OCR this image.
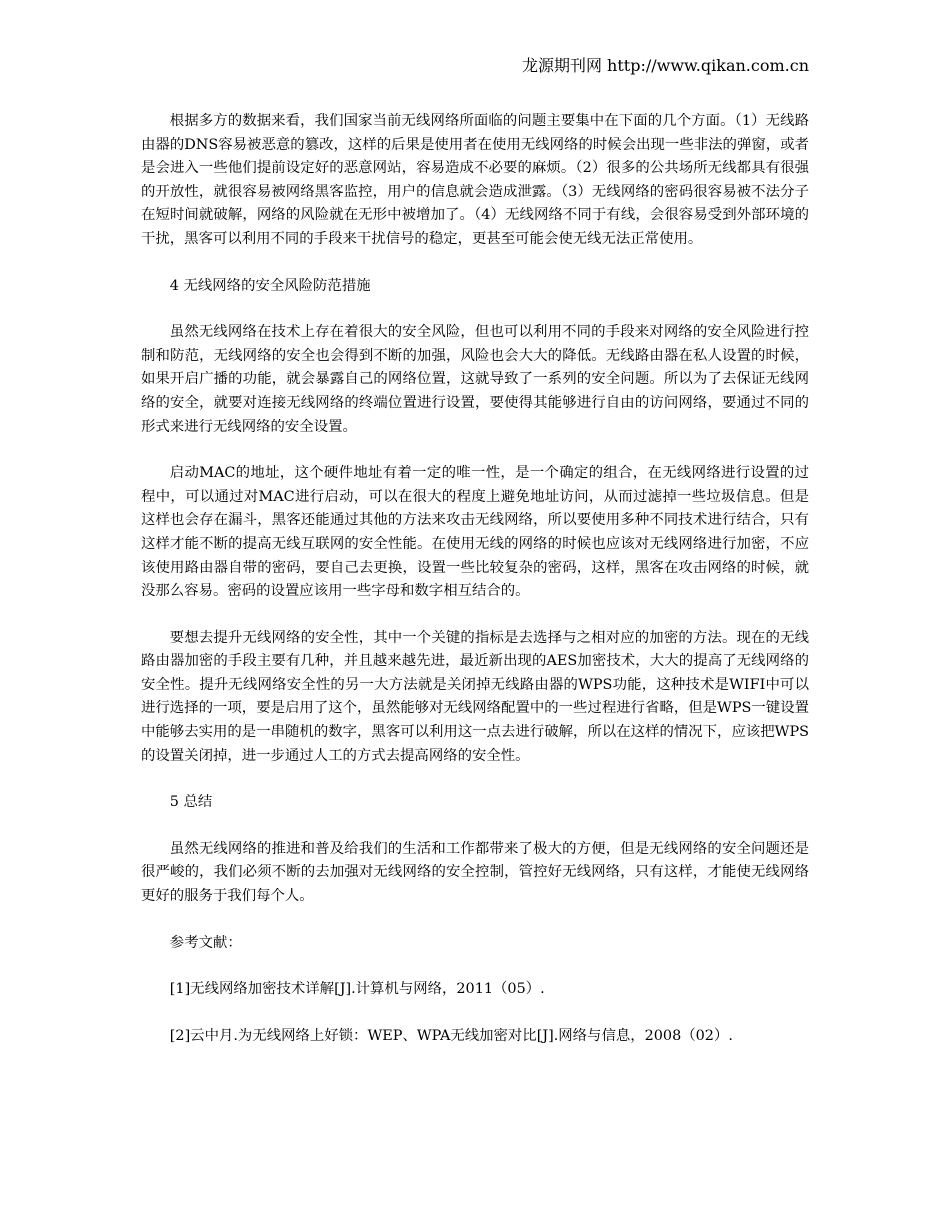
龙源期刊网 http://www.qikan.com.cn

根据多方的数据来看，我们国家当前无线网络所面临的问题主要集中在下面的几个方面。（1）无线路由器的DNS容易被恶意的篡改，这样的后果是使用者在使用无线网络的时候会出现一些非法的弹窗，或者是会进入一些他们提前设定好的恶意网站，容易造成不必要的麻烦。（2）很多的公共场所无线都具有很强的开放性，就很容易被网络黑客监控，用户的信息就会造成泄露。（3）无线网络的密码很容易被不法分子在短时间就破解，网络的风险就在无形中被增加了。（4）无线网络不同于有线，会很容易受到外部环境的干扰，黑客可以利用不同的手段来干扰信号的稳定，更甚至可能会使无线无法正常使用。

4 无线网络的安全风险防范措施

虽然无线网络在技术上存在着很大的安全风险，但也可以利用不同的手段来对网络的安全风险进行控制和防范，无线网络的安全也会得到不断的加强，风险也会大大的降低。无线路由器在私人设置的时候，如果开启广播的功能，就会暴露自己的网络位置，这就导致了一系列的安全问题。所以为了去保证无线网络的安全，就要对连接无线网络的终端位置进行设置，要使得其能够进行自由的访问网络，要通过不同的形式来进行无线网络的安全设置。

启动MAC的地址，这个硬件地址有着一定的唯一性，是一个确定的组合，在无线网络进行设置的过程中，可以通过对MAC进行启动，可以在很大的程度上避免地址访问，从而过滤掉一些垃圾信息。但是这样也会存在漏斗，黑客还能通过其他的方法来攻击无线网络，所以要使用多种不同技术进行结合，只有这样才能不断的提高无线互联网的安全性能。在使用无线的网络的时候也应该对无线网络进行加密，不应该使用路由器自带的密码，要自己去更换，设置一些比较复杂的密码，这样，黑客在攻击网络的时候，就没那么容易。密码的设置应该用一些字母和数字相互结合的。

要想去提升无线网络的安全性，其中一个关键的指标是去选择与之相对应的加密的方法。现在的无线路由器加密的手段主要有几种，并且越来越先进，最近新出现的AES加密技术，大大的提高了无线网络的安全性。提升无线网络安全性的另一大方法就是关闭掉无线路由器的WPS功能，这种技术是WIFI中可以进行选择的一项，要是启用了这个，虽然能够对无线网络配置中的一些过程进行省略，但是WPS一键设置中能够去实用的是一串随机的数字，黑客可以利用这一点去进行破解，所以在这样的情况下，应该把WPS的设置关闭掉，进一步通过人工的方式去提高网络的安全性。

5 总结

虽然无线网络的推进和普及给我们的生活和工作都带来了极大的方便，但是无线网络的安全问题还是很严峻的，我们必须不断的去加强对无线网络的安全控制，管控好无线网络，只有这样，才能使无线网络更好的服务于我们每个人。

参考文献：

[1]无线网络加密技术详解[J].计算机与网络，2011（05）.

[2]云中月.为无线网络上好锁：WEP、WPA无线加密对比[J].网络与信息，2008（02）.
